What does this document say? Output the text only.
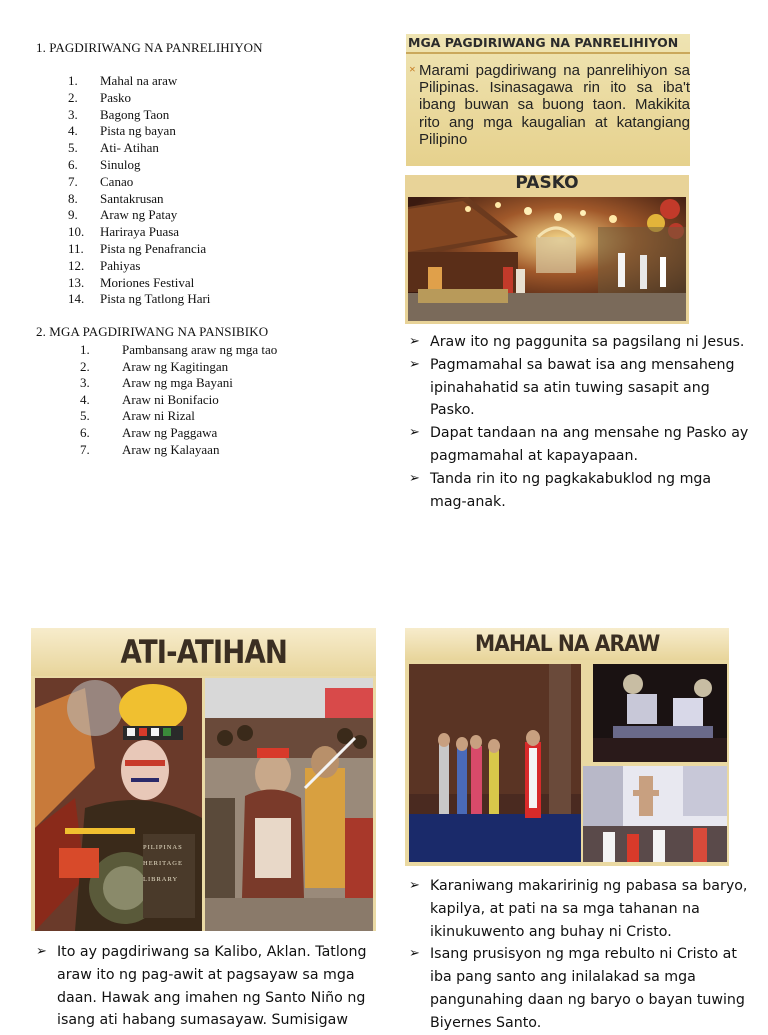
1. PAGDIRIWANG NA PANRELIHIYON
1. Mahal na araw
2. Pasko
3. Bagong Taon
4. Pista ng bayan
5. Ati- Atihan
6. Sinulog
7. Canao
8. Santakrusan
9. Araw ng Patay
10. Hariraya Puasa
11. Pista ng Penafrancia
12. Pahiyas
13. Moriones Festival
14. Pista ng Tatlong Hari
2. MGA PAGDIRIWANG NA PANSIBIKO
1. Pambansang araw ng mga tao
2. Araw ng Kagitingan
3. Araw ng mga Bayani
4. Araw ni Bonifacio
5. Araw ni Rizal
6. Araw ng Paggawa
7. Araw ng Kalayaan
MGA PAGDIRIWANG NA PANRELIHIYON
× Marami pagdiriwang na panrelihiyon sa Pilipinas. Isinasagawa rin ito sa iba't ibang buwan sa buong taon. Makikita rito ang mga kaugalian at katangiang Pilipino
PASKO
➢ Araw ito ng paggunita sa pagsilang ni Jesus.
➢ Pagmamahal sa bawat isa ang mensaheng ipinahahatid sa atin tuwing sasapit ang Pasko.
➢ Dapat tandaan na ang mensahe ng Pasko ay pagmamahal at kapayapaan.
➢ Tanda rin ito ng pagkakabuklod ng mga mag-anak.
ATI-ATIHAN
PILIPINAS
HERITAGE
LIBRARY
➢ Ito ay pagdiriwang sa Kalibo, Aklan. Tatlong araw ito ng pag-awit at pagsayaw sa mga daan. Hawak ang imahen ng Santo Niño ng isang ati habang sumasayaw. Sumisigaw
MAHAL NA ARAW
➢ Karaniwang makaririnig ng pabasa sa baryo, kapilya, at pati na sa mga tahanan na ikinukuwento ang buhay ni Cristo.
➢ Isang prusisyon ng mga rebulto ni Cristo at iba pang santo ang inilalakad sa mga pangunahing daan ng baryo o bayan tuwing Biyernes Santo.
